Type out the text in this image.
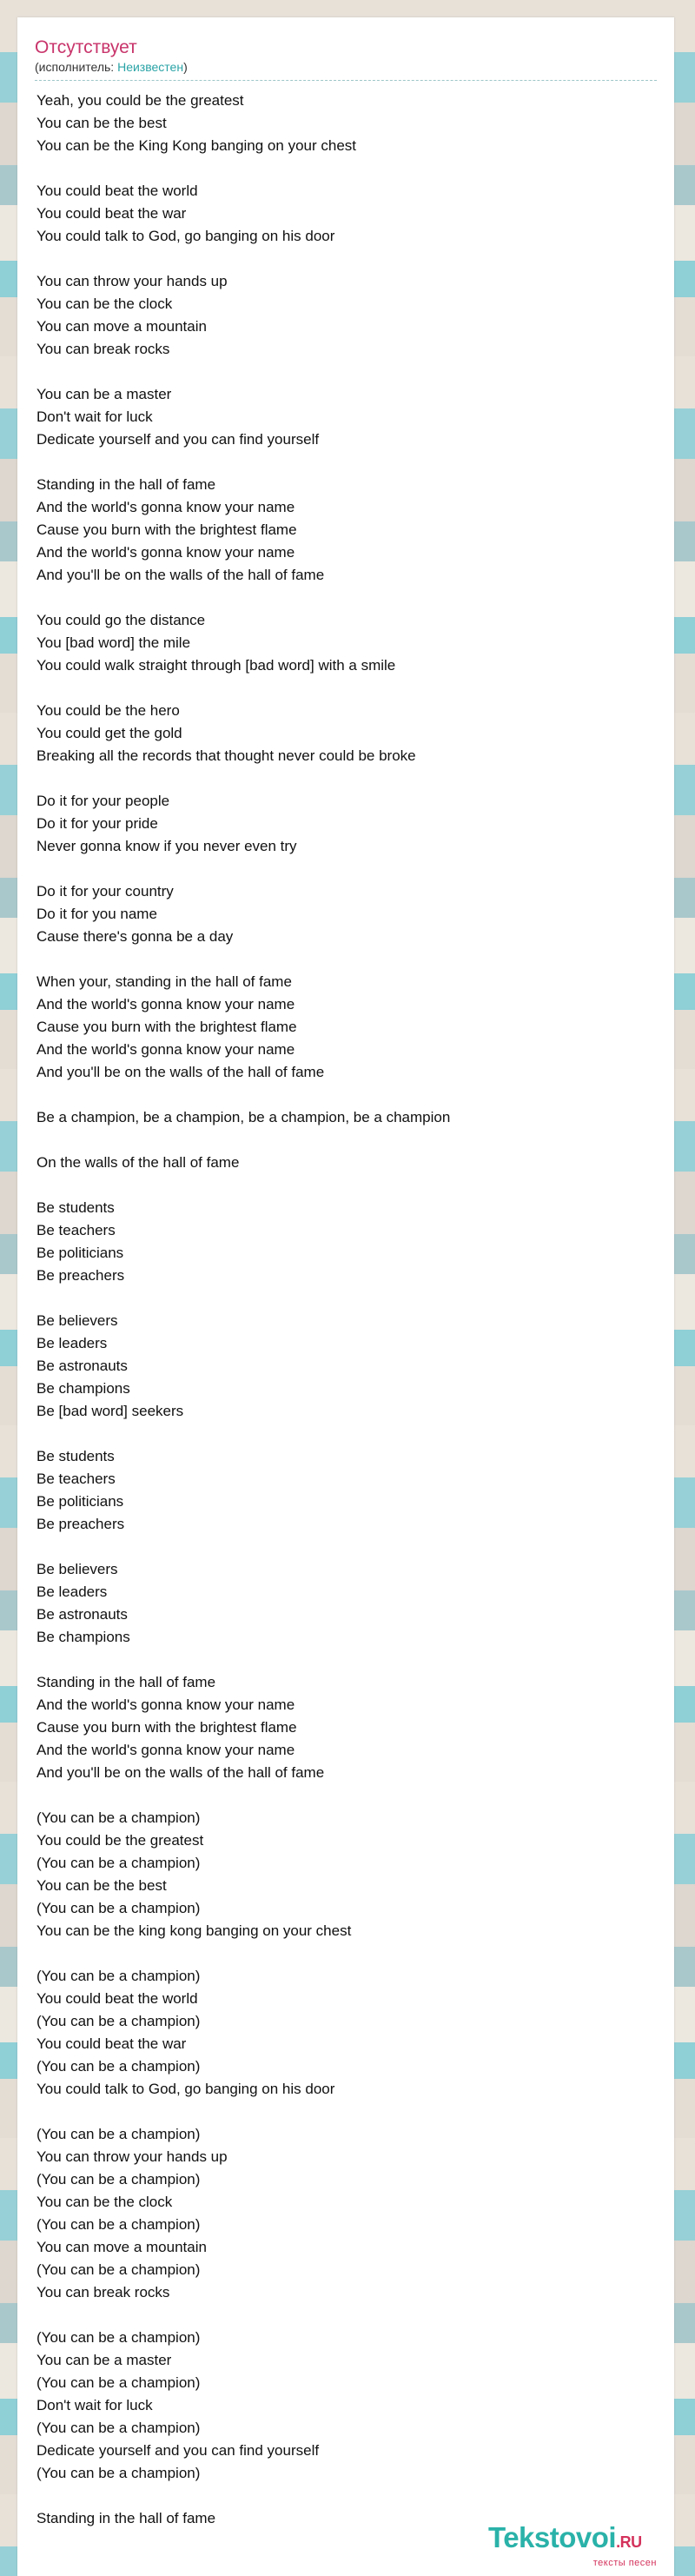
Отсутствует
(исполнитель: Неизвестен)
Yeah, you could be the greatest
You can be the best
You can be the King Kong banging on your chest
You could beat the world
You could beat the war
You could talk to God, go banging on his door
You can throw your hands up
You can be the clock
You can move a mountain
You can break rocks
You can be a master
Don't wait for luck
Dedicate yourself and you can find yourself
Standing in the hall of fame
And the world's gonna know your name
Cause you burn with the brightest flame
And the world's gonna know your name
And you'll be on the walls of the hall of fame
You could go the distance
You [bad word] the mile
You could walk straight through [bad word] with a smile
You could be the hero
You could get the gold
Breaking all the records that thought never could be broke
Do it for your people
Do it for your pride
Never gonna know if you never even try
Do it for your country
Do it for you name
Cause there's gonna be a day
When your, standing in the hall of fame
And the world's gonna know your name
Cause you burn with the brightest flame
And the world's gonna know your name
And you'll be on the walls of the hall of fame
Be a champion, be a champion, be a champion, be a champion
On the walls of the hall of fame
Be students
Be teachers
Be politicians
Be preachers
Be believers
Be leaders
Be astronauts
Be champions
Be [bad word] seekers
Be students
Be teachers
Be politicians
Be preachers
Be believers
Be leaders
Be astronauts
Be champions
Standing in the hall of fame
And the world's gonna know your name
Cause you burn with the brightest flame
And the world's gonna know your name
And you'll be on the walls of the hall of fame
(You can be a champion)
You could be the greatest
(You can be a champion)
You can be the best
(You can be a champion)
You can be the king kong banging on your chest
(You can be a champion)
You could beat the world
(You can be a champion)
You could beat the war
(You can be a champion)
You could talk to God, go banging on his door
(You can be a champion)
You can throw your hands up
(You can be a champion)
You can be the clock
(You can be a champion)
You can move a mountain
(You can be a champion)
You can break rocks
(You can be a champion)
You can be a master
(You can be a champion)
Don't wait for luck
(You can be a champion)
Dedicate yourself and you can find yourself
(You can be a champion)
Standing in the hall of fame
Tekstovoi.RU
тексты песен
